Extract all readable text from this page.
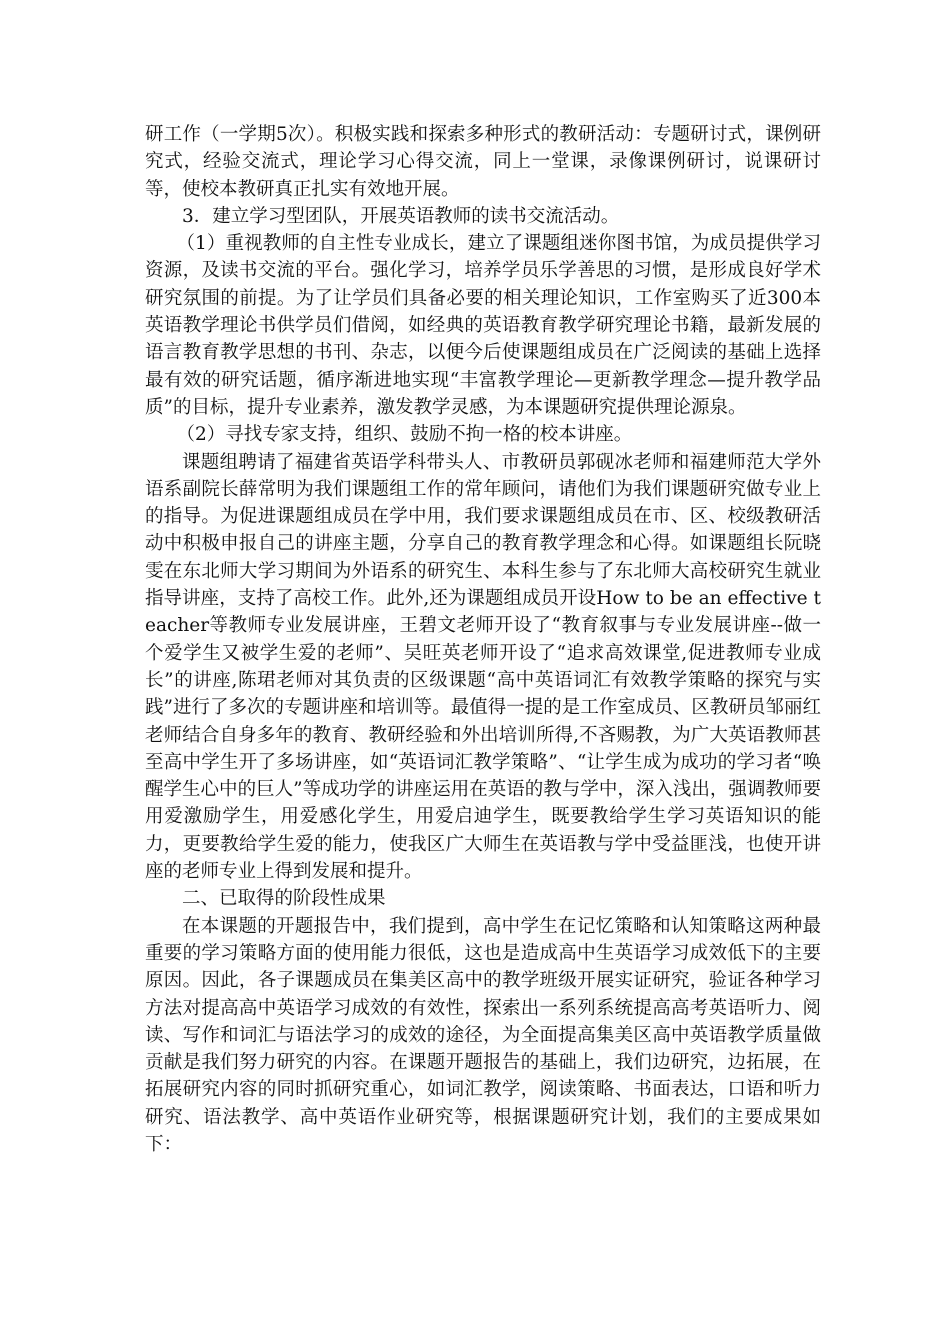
研工作（一学期5次）。积极实践和探索多种形式的教研活动：专题研讨式，课例研究式，经验交流式，理论学习心得交流，同上一堂课，录像课例研讨，说课研讨等，使校本教研真正扎实有效地开展。

3．建立学习型团队，开展英语教师的读书交流活动。

（1）重视教师的自主性专业成长，建立了课题组迷你图书馆，为成员提供学习资源，及读书交流的平台。强化学习，培养学员乐学善思的习惯，是形成良好学术研究氛围的前提。为了让学员们具备必要的相关理论知识，工作室购买了近300本英语教学理论书供学员们借阅，如经典的英语教育教学研究理论书籍，最新发展的语言教育教学思想的书刊、杂志，以便今后使课题组成员在广泛阅读的基础上选择最有效的研究话题，循序渐进地实现“丰富教学理论—更新教学理念—提升教学品质”的目标，提升专业素养，激发教学灵感，为本课题研究提供理论源泉。

（2）寻找专家支持，组织、鼓励不拘一格的校本讲座。

课题组聘请了福建省英语学科带头人、市教研员郭砚冰老师和福建师范大学外语系副院长薛常明为我们课题组工作的常年顾问，请他们为我们课题研究做专业上的指导。为促进课题组成员在学中用，我们要求课题组成员在市、区、校级教研活动中积极申报自己的讲座主题，分享自己的教育教学理念和心得。如课题组长阮晓雯在东北师大学习期间为外语系的研究生、本科生参与了东北师大高校研究生就业指导讲座，支持了高校工作。此外,还为课题组成员开设How to be an effective teacher等教师专业发展讲座，王碧文老师开设了“教育叙事与专业发展讲座--做一个爱学生又被学生爱的老师”、吴旺英老师开设了“追求高效课堂,促进教师专业成长”的讲座,陈珺老师对其负责的区级课题“高中英语词汇有效教学策略的探究与实践”进行了多次的专题讲座和培训等。最值得一提的是工作室成员、区教研员邹丽红老师结合自身多年的教育、教研经验和外出培训所得,不吝赐教，为广大英语教师甚至高中学生开了多场讲座，如“英语词汇教学策略”、“让学生成为成功的学习者“唤醒学生心中的巨人”等成功学的讲座运用在英语的教与学中，深入浅出，强调教师要用爱激励学生，用爱感化学生，用爱启迪学生，既要教给学生学习英语知识的能力，更要教给学生爱的能力，使我区广大师生在英语教与学中受益匪浅，也使开讲座的老师专业上得到发展和提升。

二、已取得的阶段性成果

在本课题的开题报告中，我们提到，高中学生在记忆策略和认知策略这两种最重要的学习策略方面的使用能力很低，这也是造成高中生英语学习成效低下的主要原因。因此，各子课题成员在集美区高中的教学班级开展实证研究，验证各种学习方法对提高高中英语学习成效的有效性，探索出一系列系统提高高考英语听力、阅读、写作和词汇与语法学习的成效的途径，为全面提高集美区高中英语教学质量做贡献是我们努力研究的内容。在课题开题报告的基础上，我们边研究，边拓展，在拓展研究内容的同时抓研究重心，如词汇教学，阅读策略、书面表达，口语和听力研究、语法教学、高中英语作业研究等，根据课题研究计划，我们的主要成果如下：
